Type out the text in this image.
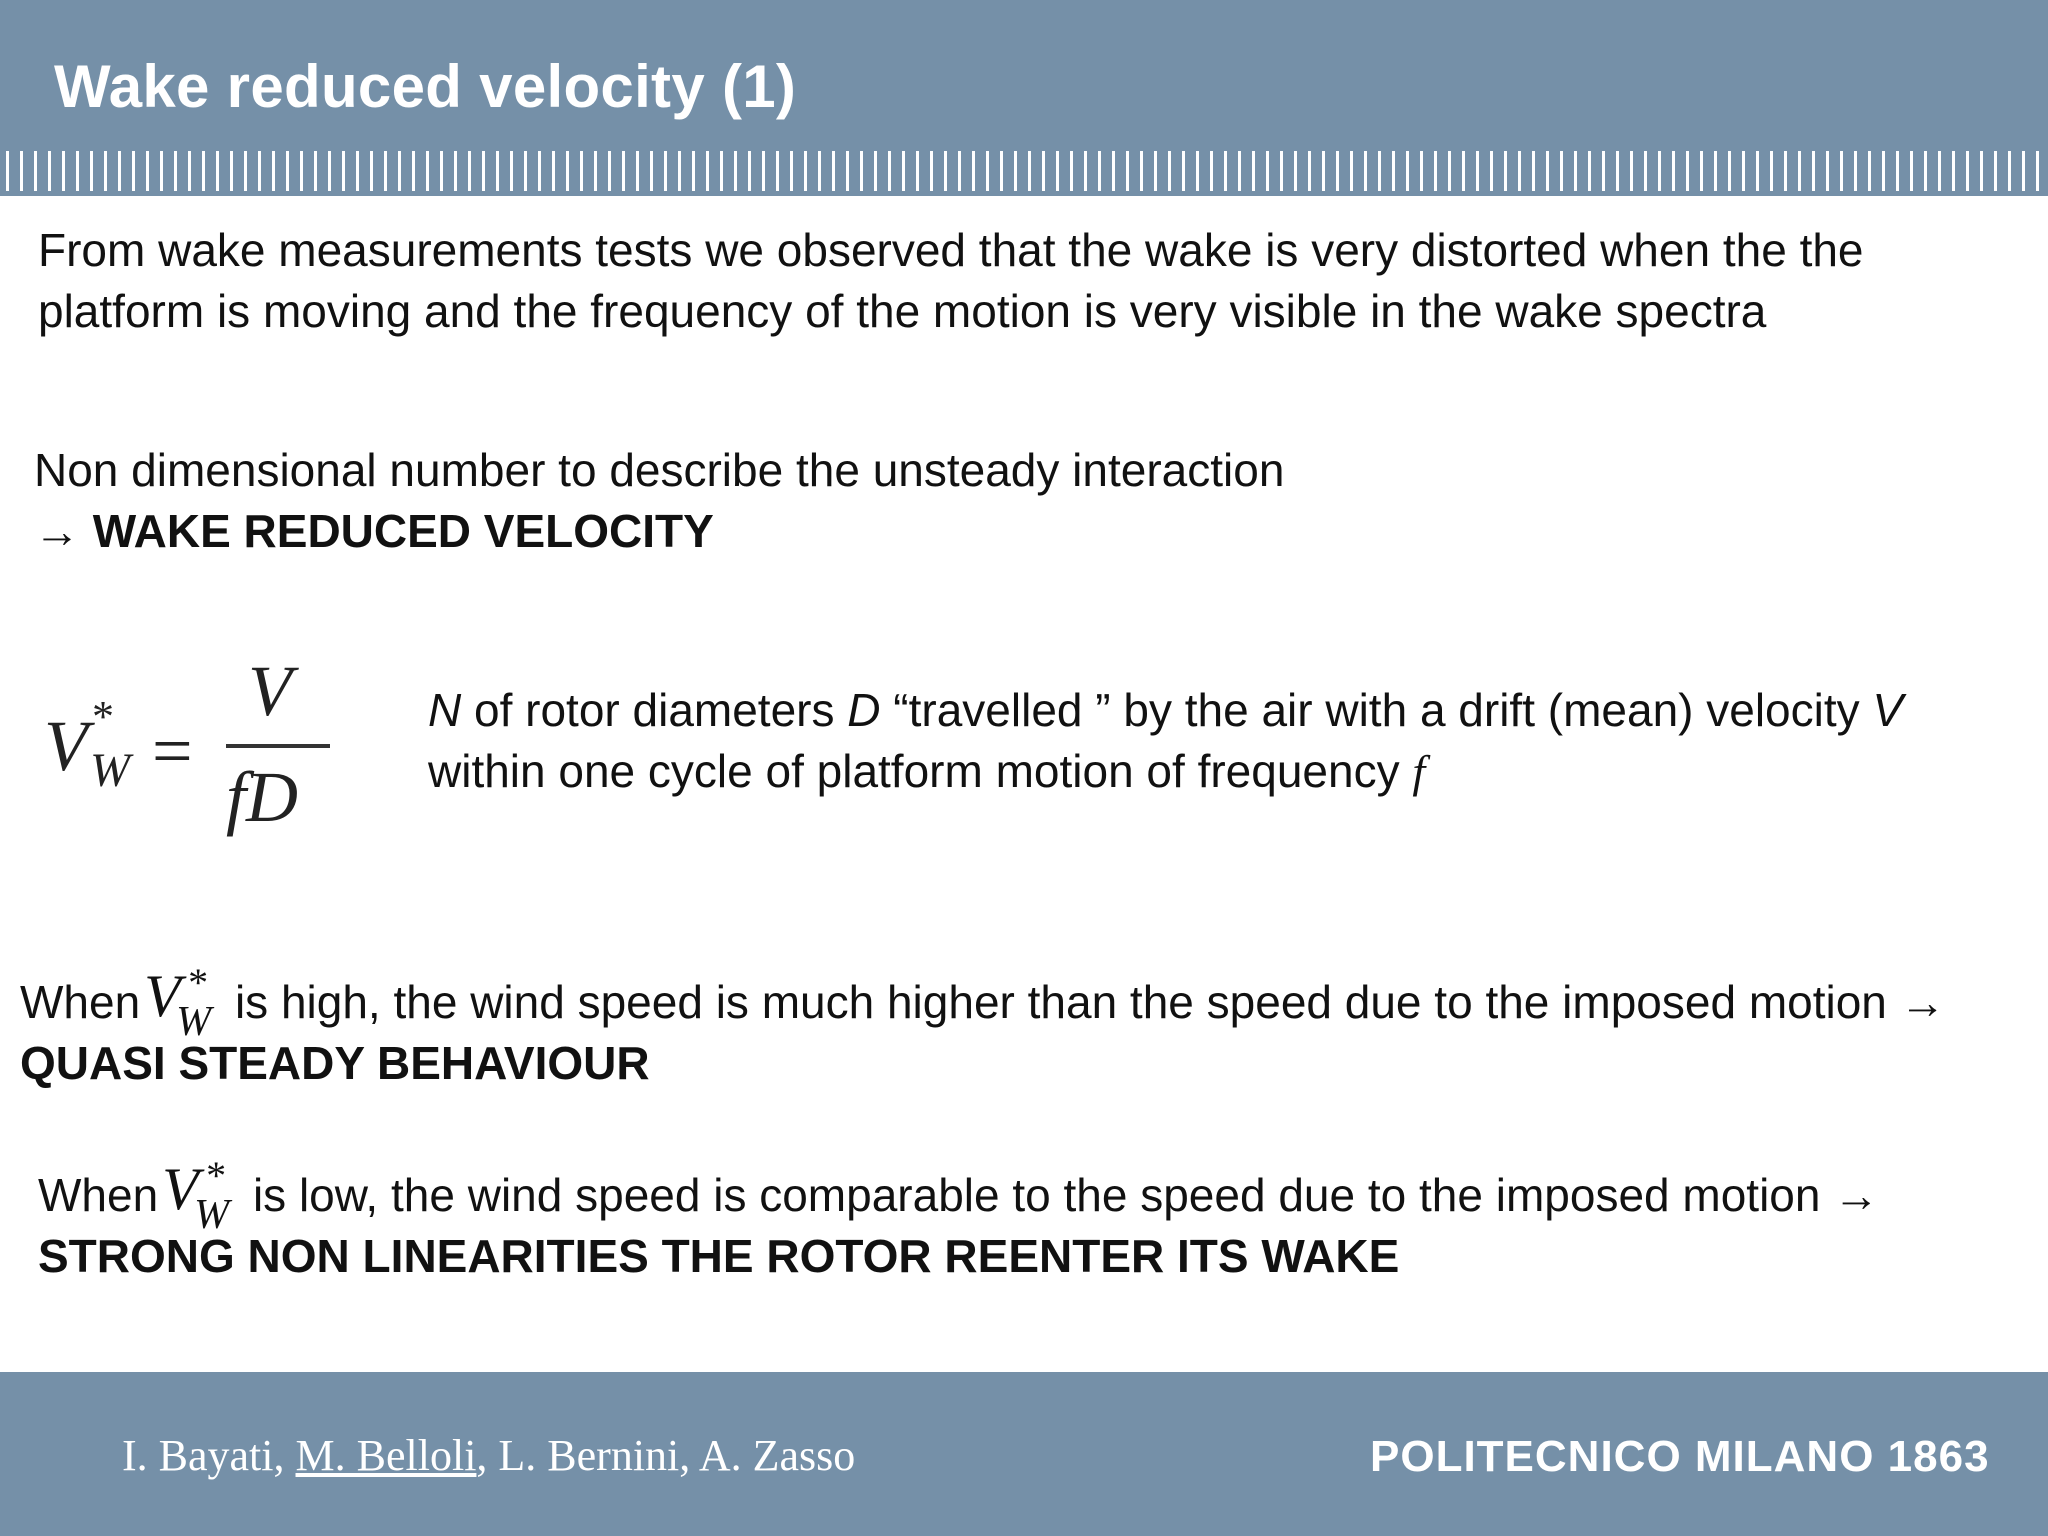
Wake reduced velocity (1)

From wake measurements tests we observed that the wake is very distorted when the the platform is moving and the frequency of the motion is very visible in the wake spectra

Non dimensional number to describe the unsteady interaction
→ WAKE REDUCED VELOCITY

V *
W =
V
fD

N of rotor diameters D “travelled ” by the air with a drift (mean) velocity V within one cycle of platform motion of frequency f

When V *
W is high, the wind speed is much higher than the speed due to the imposed motion → QUASI STEADY BEHAVIOUR

When V *
W is low, the wind speed is comparable to the speed due to the imposed motion → STRONG NON LINEARITIES THE ROTOR REENTER ITS WAKE

I. Bayati, M. Belloli, L. Bernini, A. Zasso	POLITECNICO MILANO 1863
